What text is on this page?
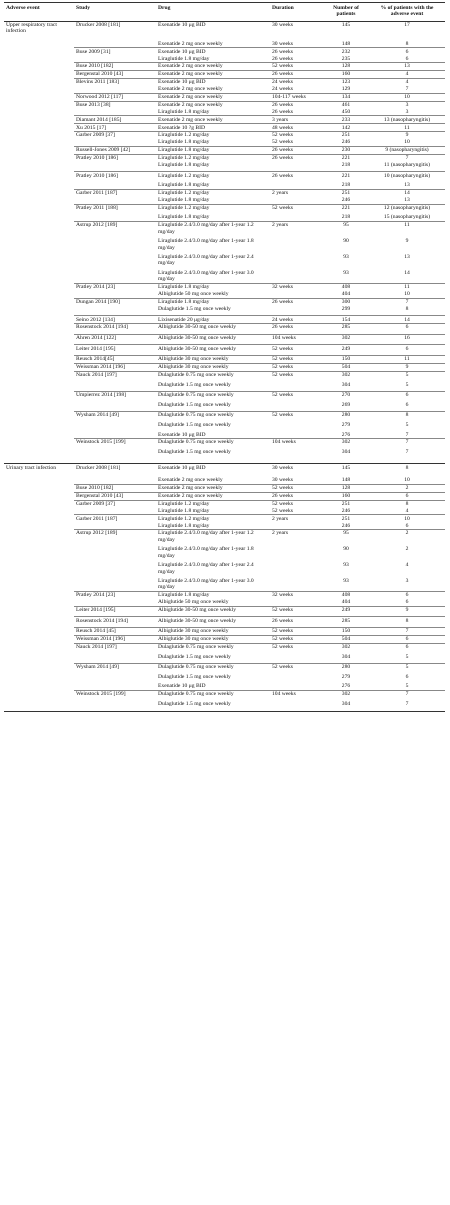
Adverse event	Study	Drug	Duration	Number of patients	% of patients with the adverse event
Upper respiratory tract infection	Drucker 2008 [181]	Exenatide 10 μg BID	30 weeks	145	17
		Exenatide 2 mg once weekly	30 weeks	148	8
	Buse 2009 [31]	Exenatide 10 μg BID	26 weeks	232	6
		Liraglutide 1.8 mg/day	26 weeks	235	6
	Buse 2010 [182]	Exenatide 2 mg once weekly	52 weeks	128	13
	Bergenstal 2010 [43]	Exenatide 2 mg once weekly	26 weeks	160	4
	Blevins 2011 [183]	Exenatide 10 μg BID	24 weeks	123	4
		Exenatide 2 mg once weekly	24 weeks	129	7
	Norwood 2012 [117]	Exenatide 2 mg once weekly	104-117 weeks	134	10
	Buse 2013 [38]	Exenatide 2 mg once weekly	26 weeks	461	3
		Liraglutide 1.8 mg/day	26 weeks	450	3
	Diamant 2014 [185]	Exenatide 2 mg once weekly	3 years	233	13 (nasopharyngitis)
	Xu 2015 [17]	Exenatide 10 ?g BID	48 weeks	142	11
	Garber 2009 [37]	Liraglutide 1.2 mg/day	52 weeks	251	9
		Liraglutide 1.8 mg/day	52 weeks	246	10
	Russell-Jones 2009 [42]	Liraglutide 1.8 mg/day	26 weeks	230	9 (nasopharyngitis)
	Pratley 2010 [186]	Liraglutide 1.2 mg/day	26 weeks	221	7
		Liraglutide 1.8 mg/day		218	11 (nasopharyngitis)
	Pratley 2010 [186]	Liraglutide 1.2 mg/day	26 weeks	221	10 (nasopharyngitis)
		Liraglutide 1.8 mg/day		218	13
	Garber 2011 [187]	Liraglutide 1.2 mg/day	2 years	251	14
		Liraglutide 1.8 mg/day		246	13
	Pratley 2011 [188]	Liraglutide 1.2 mg/day	52 weeks	221	12 (nasopharyngitis)
		Liraglutide 1.8 mg/day		218	15 (nasopharyngitis)
	Astrup 2012 [189]	Liraglutide 2.4/3.0 mg/day after 1-year 1.2 mg/day	2 years	95	11
		Liraglutide 2.4/3.0 mg/day after 1-year 1.8 mg/day		90	9
		Liraglutide 2.4/3.0 mg/day after 1-year 2.4 mg/day		93	13
		Liraglutide 2.4/3.0 mg/day after 1-year 3.0 mg/day		93	14
	Pratley 2014 [23]	Liraglutide 1.8 mg/day	32 weeks	408	11
		Albiglutide 50 mg once weekly		404	10
	Dungan 2014 [190]	Liraglutide 1.8 mg/day	26 weeks	300	7
		Dulaglutide 1.5 mg once weekly		299	8
	Seino 2012 [134]	Lixisenatide 20 μg/day	24 weeks	154	14
	Rosenstock 2014 [194]	Albiglutide 30-50 mg once weekly	26 weeks	285	6
	Ahren 2014 [122]	Albiglutide 30-50 mg once weekly	104 weeks	302	16
	Leiter 2014 [195]	Albiglutide 30-50 mg once weekly	52 weeks	249	6
	Reusch 2014[45]	Albiglutide 30 mg once weekly	52 weeks	150	11
	Weissman 2014 [196]	Albiglutide 30 mg once weekly	52 weeks	504	9
	Nauck 2014 [197]	Dulaglutide 0.75 mg once weekly	52 weeks	302	5
		Dulaglutide 1.5 mg once weekly		304	5
	Umpierrez 2014 [198]	Dulaglutide 0.75 mg once weekly	52 weeks	270	6
		Dulaglutide 1.5 mg once weekly		269	6
	Wysham 2014 [49]	Dulaglutide 0.75 mg once weekly	52 weeks	280	8
		Dulaglutide 1.5 mg once weekly		279	5
		Exenatide 10 μg BID		276	7
	Weinstock 2015 [199]	Dulaglutide 0.75 mg once weekly	104 weeks	302	7
		Dulaglutide 1.5 mg once weekly		304	7
Urinary tract infection	Drucker 2008 [181]	Exenatide 10 μg BID	30 weeks	145	8
		Exenatide 2 mg once weekly	30 weeks	148	10
	Buse 2010 [182]	Exenatide 2 mg once weekly	52 weeks	128	2
	Bergenstal 2010 [43]	Exenatide 2 mg once weekly	26 weeks	160	6
	Garber 2009 [37]	Liraglutide 1.2 mg/day	52 weeks	251	8
		Liraglutide 1.8 mg/day	52 weeks	246	4
	Garber 2011 [187]	Liraglutide 1.2 mg/day	2 years	251	10
		Liraglutide 1.8 mg/day		246	6
	Astrup 2012 [189]	Liraglutide 2.4/3.0 mg/day after 1-year 1.2 mg/day	2 years	95	2
		Liraglutide 2.4/3.0 mg/day after 1-year 1.8 mg/day		90	2
		Liraglutide 2.4/3.0 mg/day after 1-year 2.4 mg/day		93	4
		Liraglutide 2.4/3.0 mg/day after 1-year 3.0 mg/day		93	3
	Pratley 2014 [23]	Liraglutide 1.8 mg/day	32 weeks	408	6
		Albiglutide 50 mg once weekly		404	6
	Leiter 2014 [195]	Albiglutide 30-50 mg once weekly	52 weeks	249	9
	Rosenstock 2014 [194]	Albiglutide 30-50 mg once weekly	26 weeks	285	8
	Reusch 2014 [45]	Albiglutide 30 mg once weekly	52 weeks	150	7
	Weissman 2014 [196]	Albiglutide 30 mg once weekly	52 weeks	504	6
	Nauck 2014 [197]	Dulaglutide 0.75 mg once weekly	52 weeks	302	6
		Dulaglutide 1.5 mg once weekly		304	5
	Wysham 2014 [49]	Dulaglutide 0.75 mg once weekly	52 weeks	280	5
		Dulaglutide 1.5 mg once weekly		279	6
		Exenatide 10 μg BID		276	5
	Weinstock 2015 [199]	Dulaglutide 0.75 mg once weekly	104 weeks	302	7
		Dulaglutide 1.5 mg once weekly		304	7
